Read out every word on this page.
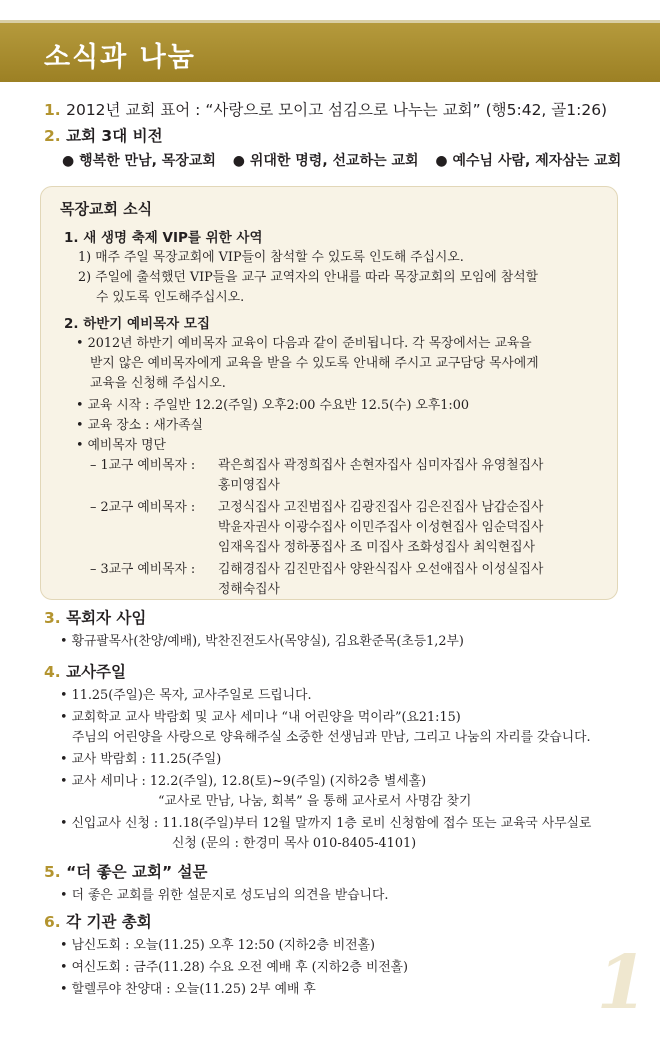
소식과 나눔
1. 2012년 교회 표어 : “사랑으로 모이고 섬김으로 나누는 교회” (행5:42, 골1:26)
2. 교회 3대 비전
● 행복한 만남, 목장교회 ● 위대한 명령, 선교하는 교회 ● 예수님 사람, 제자삼는 교회
목장교회 소식
1. 새 생명 축제 VIP를 위한 사역
1) 매주 주일 목장교회에 VIP들이 참석할 수 있도록 인도해 주십시오.
2) 주일에 출석했던 VIP들을 교구 교역자의 안내를 따라 목장교회의 모임에 참석할
수 있도록 인도해주십시오.
2. 하반기 예비목자 모집
• 2012년 하반기 예비목자 교육이 다음과 같이 준비됩니다. 각 목장에서는 교육을
받지 않은 예비목자에게 교육을 받을 수 있도록 안내해 주시고 교구담당 목사에게
교육을 신청해 주십시오.
• 교육 시작 : 주일반 12.2(주일) 오후2:00 수요반 12.5(수) 오후1:00
• 교육 장소 : 새가족실
• 예비목자 명단
– 1교구 예비목자 : 곽은희집사 곽정희집사 손현자집사 심미자집사 유영철집사
홍미영집사
– 2교구 예비목자 : 고정식집사 고진범집사 김광진집사 김은진집사 남갑순집사
박윤자권사 이광수집사 이민주집사 이성현집사 임순덕집사
임재옥집사 정하풍집사 조 미집사 조화성집사 최익현집사
– 3교구 예비목자 : 김해경집사 김진만집사 양완식집사 오선애집사 이성실집사
정해숙집사
3. 목회자 사임
• 황규팔목사(찬양/예배), 박찬진전도사(목양실), 김요환준목(초등1,2부)
4. 교사주일
• 11.25(주일)은 목자, 교사주일로 드립니다.
• 교회학교 교사 박람회 및 교사 세미나 “내 어린양을 먹이라”(요21:15)
주님의 어린양을 사랑으로 양육해주실 소중한 선생님과 만남, 그리고 나눔의 자리를 갖습니다.
• 교사 박람회 : 11.25(주일)
• 교사 세미나 : 12.2(주일), 12.8(토)~9(주일) (지하2층 별세홀)
“교사로 만남, 나눔, 회복” 을 통해 교사로서 사명감 찾기
• 신입교사 신청 : 11.18(주일)부터 12월 말까지 1층 로비 신청함에 접수 또는 교육국 사무실로
신청 (문의 : 한경미 목사 010-8405-4101)
5. “더 좋은 교회” 설문
• 더 좋은 교회를 위한 설문지로 성도님의 의견을 받습니다.
6. 각 기관 총회
• 남신도회 : 오늘(11.25) 오후 12:50 (지하2층 비전홀)
• 여신도회 : 금주(11.28) 수요 오전 예배 후 (지하2층 비전홀)
• 할렐루야 찬양대 : 오늘(11.25) 2부 예배 후	1
